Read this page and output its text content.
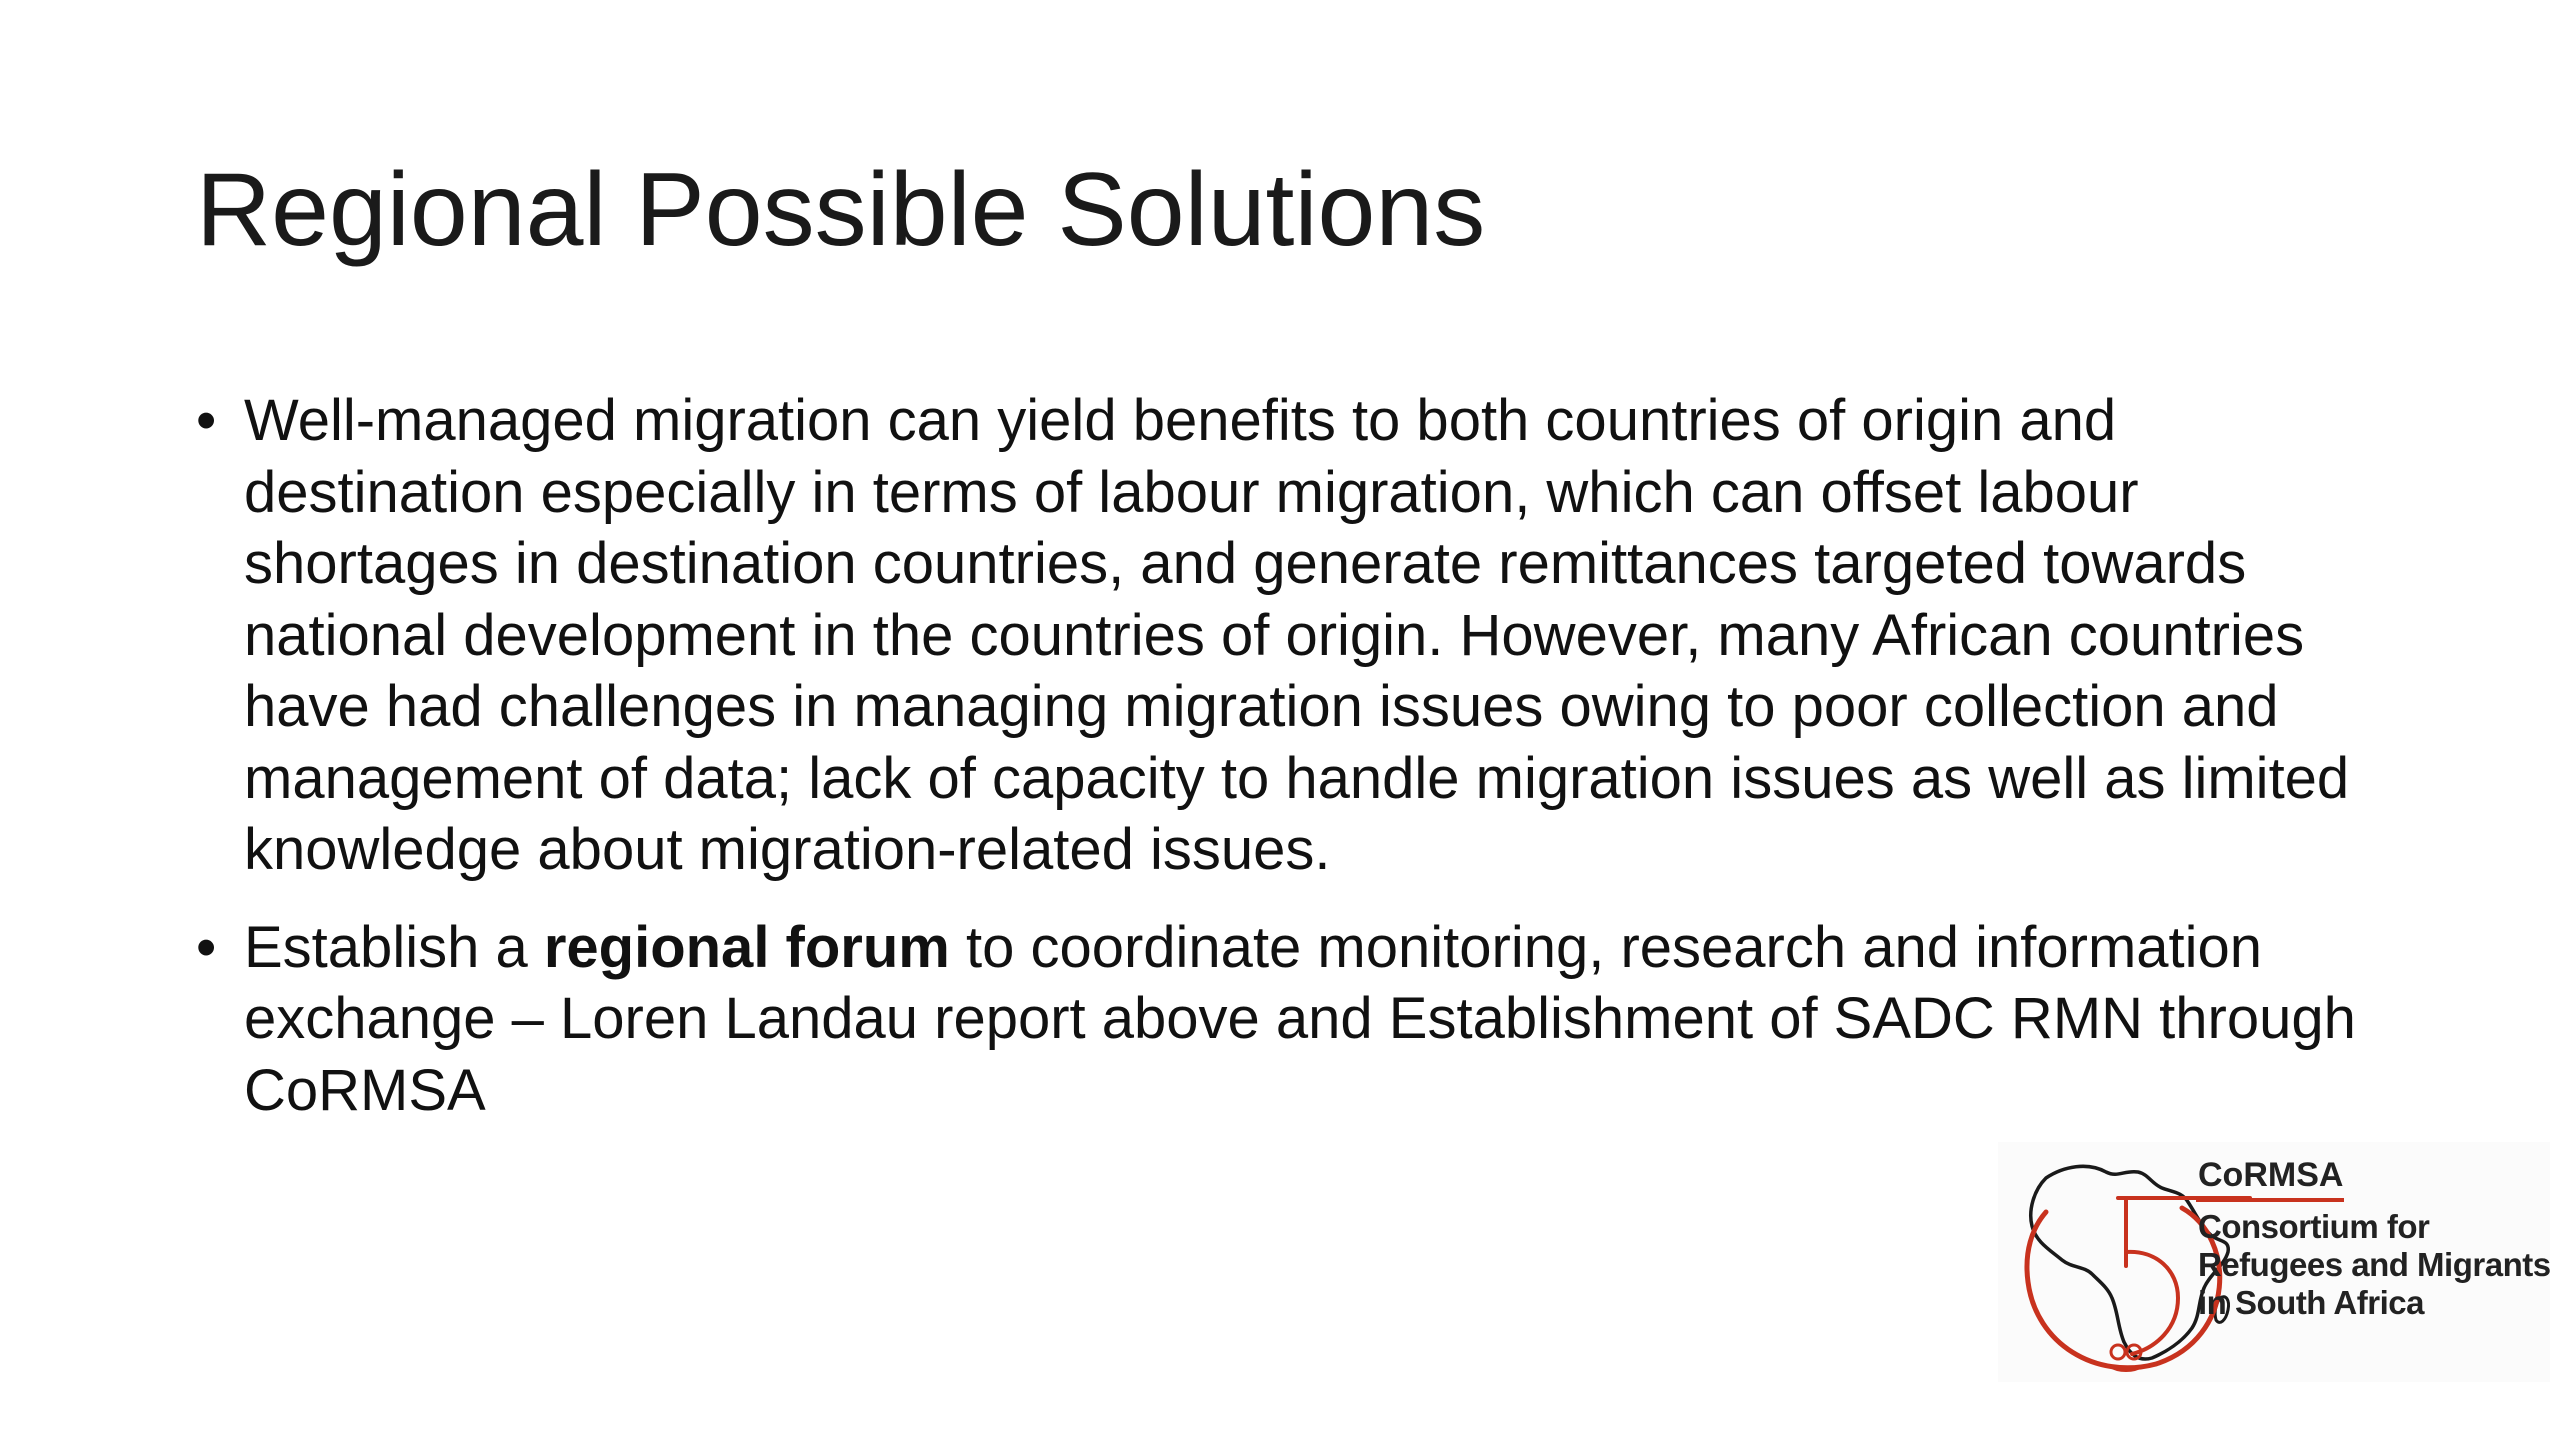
Regional Possible Solutions
• Well-managed migration can yield benefits to both countries of origin and destination especially in terms of labour migration, which can offset labour shortages in destination countries, and generate remittances targeted towards national development in the countries of origin. However, many African countries have had challenges in managing migration issues owing to poor collection and management of data; lack of capacity to handle migration issues as well as limited knowledge about migration-related issues.
• Establish a regional forum to coordinate monitoring, research and information exchange – Loren Landau report above and Establishment of SADC RMN through CoRMSA
CoRMSA
Consortium for
Refugees and Migrants
in South Africa
